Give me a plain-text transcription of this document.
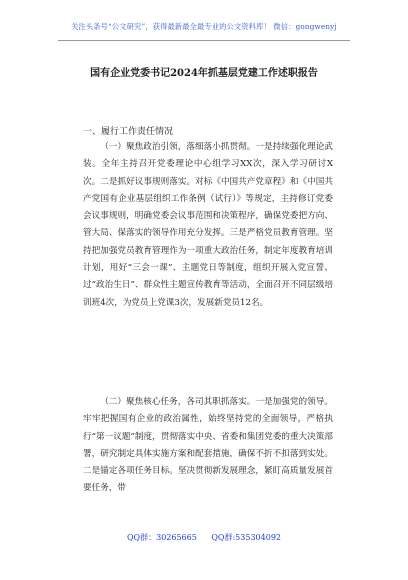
关注头条号“公文研究”，获得最新最全最专业的公文资料库！ 微信：gongwenyj
国有企业党委书记2024年抓基层党建工作述职报告
一、履行工作责任情况

（一）聚焦政治引领，落细落小抓贯彻。一是持续强化理论武装。全年主持召开党委理论中心组学习XX次，深入学习研讨X次。二是抓好议事规则落实。对标《中国共产党章程》和《中国共产党国有企业基层组织工作条例（试行）》等规定，主持修订党委会议事规则，明确党委会议事范围和决策程序，确保党委把方向、管大局、保落实的领导作用充分发挥。三是严格党员教育管理。坚持把加强党员教育管理作为一项重大政治任务，制定年度教育培训计划，用好“三会一课”、主题党日等制度，组织开展入党宣誓、过“政治生日”、群众性主题宣传教育等活动，全面召开不同层级培训班4次，为党员上党课3次，发展新党员12名。

（二）聚焦核心任务，各司其职抓落实。一是加强党的领导。牢牢把握国有企业的政治属性，始终坚持党的全面领导，严格执行“第一议题”制度，贯彻落实中央、省委和集团党委的重大决策部署，研究制定具体实施方案和配套措施，确保不折不扣落到实处。二是锚定各项任务目标。坚决贯彻新发展理念，紧盯高质量发展首要任务，带

QQ群：30265665 QQ群:535304092
